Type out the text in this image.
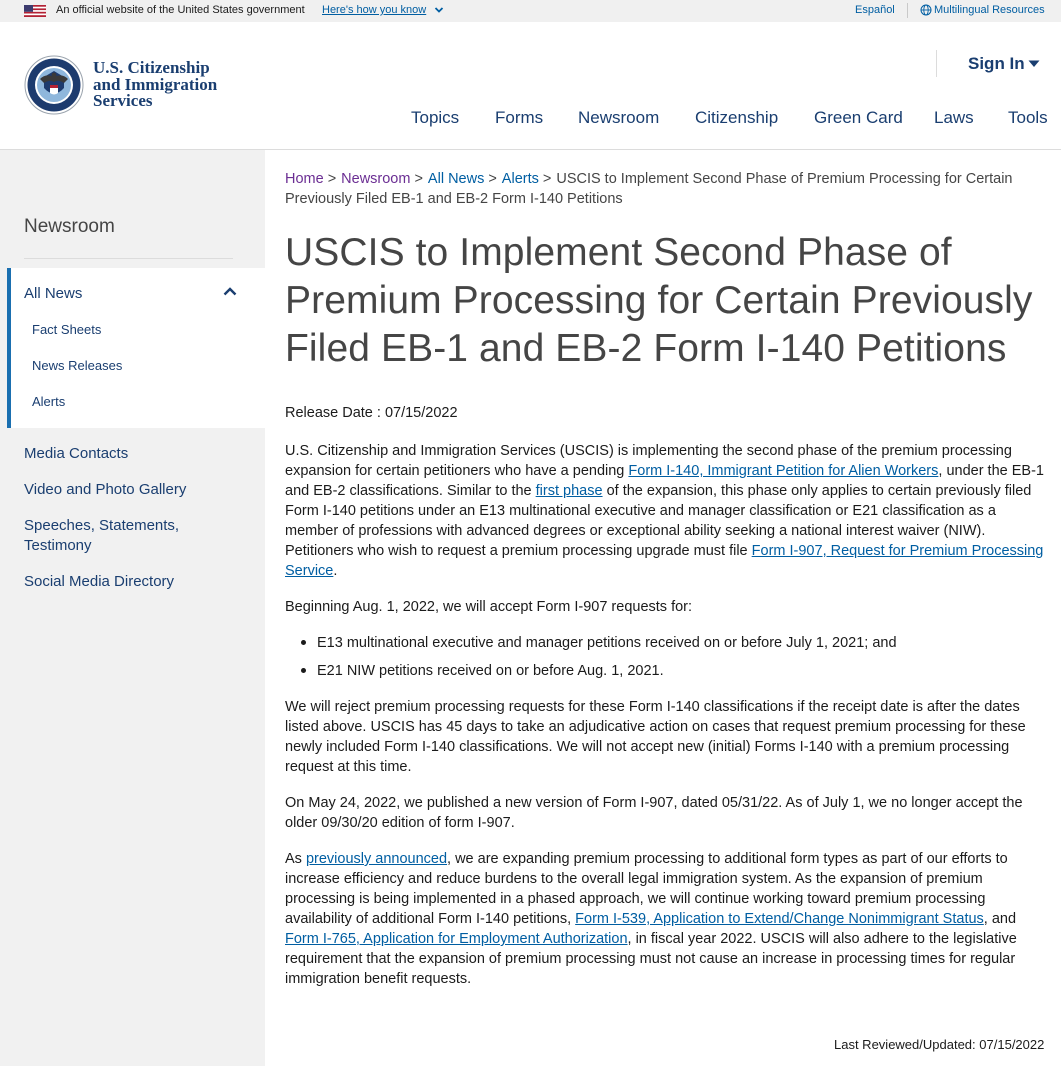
An official website of the United States government Here's how you know	Español	Multilingual Resources
U.S. Citizenship
and Immigration
Services
Sign In
Topics Forms Newsroom Citizenship Green Card Laws Tools
Newsroom
All News
Fact Sheets
News Releases
Alerts
Media Contacts
Video and Photo Gallery
Speeches, Statements, Testimony
Social Media Directory
Home > Newsroom > All News > Alerts > USCIS to Implement Second Phase of Premium Processing for Certain Previously Filed EB-1 and EB-2 Form I-140 Petitions
USCIS to Implement Second Phase of Premium Processing for Certain Previously Filed EB-1 and EB-2 Form I-140 Petitions
Release Date : 07/15/2022

U.S. Citizenship and Immigration Services (USCIS) is implementing the second phase of the premium processing expansion for certain petitioners who have a pending Form I-140, Immigrant Petition for Alien Workers, under the EB-1 and EB-2 classifications. Similar to the first phase of the expansion, this phase only applies to certain previously filed Form I-140 petitions under an E13 multinational executive and manager classification or E21 classification as a member of professions with advanced degrees or exceptional ability seeking a national interest waiver (NIW). Petitioners who wish to request a premium processing upgrade must file Form I-907, Request for Premium Processing Service.

Beginning Aug. 1, 2022, we will accept Form I-907 requests for:

E13 multinational executive and manager petitions received on or before July 1, 2021; and
E21 NIW petitions received on or before Aug. 1, 2021.

We will reject premium processing requests for these Form I-140 classifications if the receipt date is after the dates listed above. USCIS has 45 days to take an adjudicative action on cases that request premium processing for these newly included Form I-140 classifications. We will not accept new (initial) Forms I-140 with a premium processing request at this time.

On May 24, 2022, we published a new version of Form I-907, dated 05/31/22. As of July 1, we no longer accept the older 09/30/20 edition of form I-907.

As previously announced, we are expanding premium processing to additional form types as part of our efforts to increase efficiency and reduce burdens to the overall legal immigration system. As the expansion of premium processing is being implemented in a phased approach, we will continue working toward premium processing availability of additional Form I-140 petitions, Form I-539, Application to Extend/Change Nonimmigrant Status, and Form I-765, Application for Employment Authorization, in fiscal year 2022. USCIS will also adhere to the legislative requirement that the expansion of premium processing must not cause an increase in processing times for regular immigration benefit requests.

Last Reviewed/Updated: 07/15/2022
